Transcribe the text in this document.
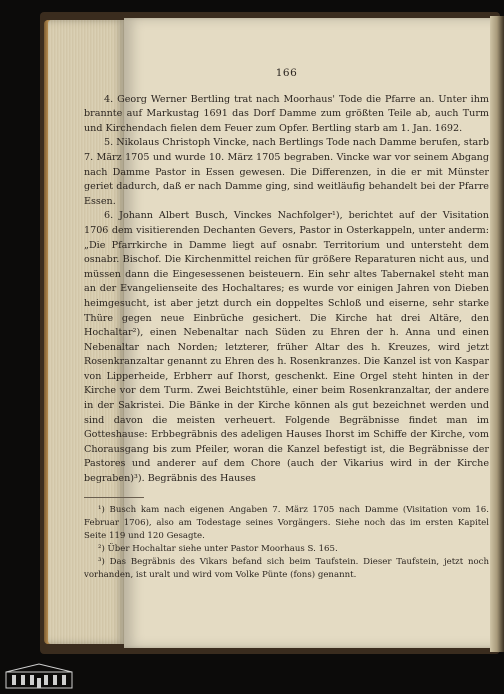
166

4. Georg Werner Bertling trat nach Moorhaus' Tode die Pfarre an. Unter ihm brannte auf Markustag 1691 das Dorf Damme zum größten Teile ab, auch Turm und Kirchendach fielen dem Feuer zum Opfer. Bertling starb am 1. Jan. 1692.

5. Nikolaus Christoph Vincke, nach Bertlings Tode nach Damme berufen, starb 7. März 1705 und wurde 10. März 1705 begraben. Vincke war vor seinem Abgang nach Damme Pastor in Essen gewesen. Die Differenzen, in die er mit Münster geriet dadurch, daß er nach Damme ging, sind weitläufig behandelt bei der Pfarre Essen.

6. Johann Albert Busch, Vinckes Nachfolger¹), berichtet auf der Visitation 1706 dem visitierenden Dechanten Gevers, Pastor in Osterkappeln, unter anderm: „Die Pfarrkirche in Damme liegt auf osnabr. Territorium und untersteht dem osnabr. Bischof. Die Kirchenmittel reichen für größere Reparaturen nicht aus, und müssen dann die Eingesessenen beisteuern. Ein sehr altes Tabernakel steht man an der Evangelienseite des Hochaltares; es wurde vor einigen Jahren von Dieben heimgesucht, ist aber jetzt durch ein doppeltes Schloß und eiserne, sehr starke Thüre gegen neue Einbrüche gesichert. Die Kirche hat drei Altäre, den Hochaltar²), einen Nebenaltar nach Süden zu Ehren der h. Anna und einen Nebenaltar nach Norden; letzterer, früher Altar des h. Kreuzes, wird jetzt Rosenkranzaltar genannt zu Ehren des h. Rosenkranzes. Die Kanzel ist von Kaspar von Lipperheide, Erbherr auf Ihorst, geschenkt. Eine Orgel steht hinten in der Kirche vor dem Turm. Zwei Beichtstühle, einer beim Rosenkranzaltar, der andere in der Sakristei. Die Bänke in der Kirche können als gut bezeichnet werden und sind davon die meisten verheuert. Folgende Begräbnisse findet man im Gotteshause: Erbbegräbnis des adeligen Hauses Ihorst im Schiffe der Kirche, vom Chorausgang bis zum Pfeiler, woran die Kanzel befestigt ist, die Begräbnisse der Pastores und anderer auf dem Chore (auch der Vikarius wird in der Kirche begraben)³). Begräbnis des Hauses

¹) Busch kam nach eigenen Angaben 7. März 1705 nach Damme (Visitation vom 16. Februar 1706), also am Todestage seines Vorgängers. Siehe noch das im ersten Kapitel Seite 119 und 120 Gesagte.

²) Über Hochaltar siehe unter Pastor Moorhaus S. 165.

³) Das Begräbnis des Vikars befand sich beim Taufstein. Dieser Taufstein, jetzt noch vorhanden, ist uralt und wird vom Volke Pünte (fons) genannt.
